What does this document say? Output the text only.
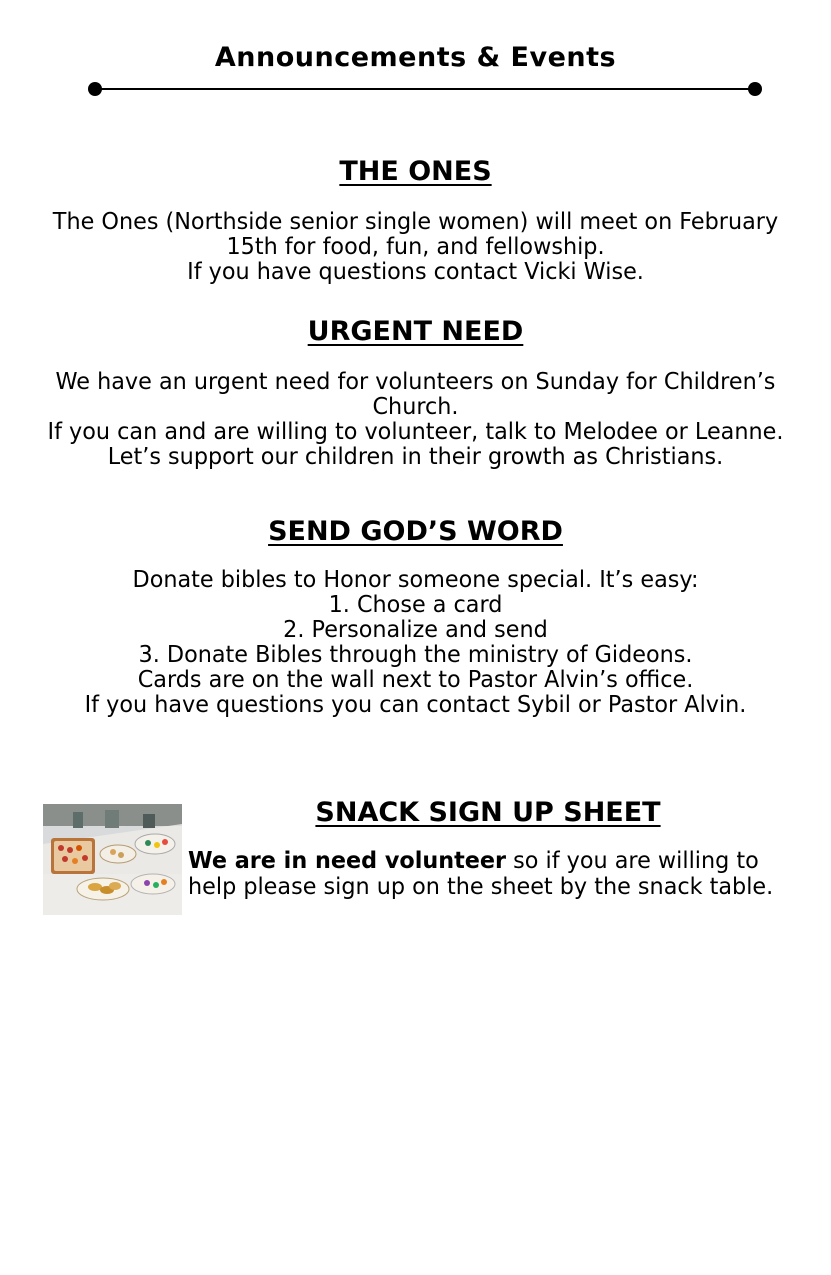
Announcements & Events
THE ONES

The Ones (Northside senior single women) will meet on February
15th for food, fun, and fellowship.
If you have questions contact Vicki Wise.

URGENT NEED

We have an urgent need for volunteers on Sunday for Children’s
Church.
If you can and are willing to volunteer, talk to Melodee or Leanne.
Let’s support our children in their growth as Christians.

SEND GOD’S WORD

Donate bibles to Honor someone special. It’s easy:
1. Chose a card
2. Personalize and send
3. Donate Bibles through the ministry of Gideons.
Cards are on the wall next to Pastor Alvin’s office.
If you have questions you can contact Sybil or Pastor Alvin.

SNACK SIGN UP SHEET
We are in need volunteer so if you are willing to
help please sign up on the sheet by the snack table.
